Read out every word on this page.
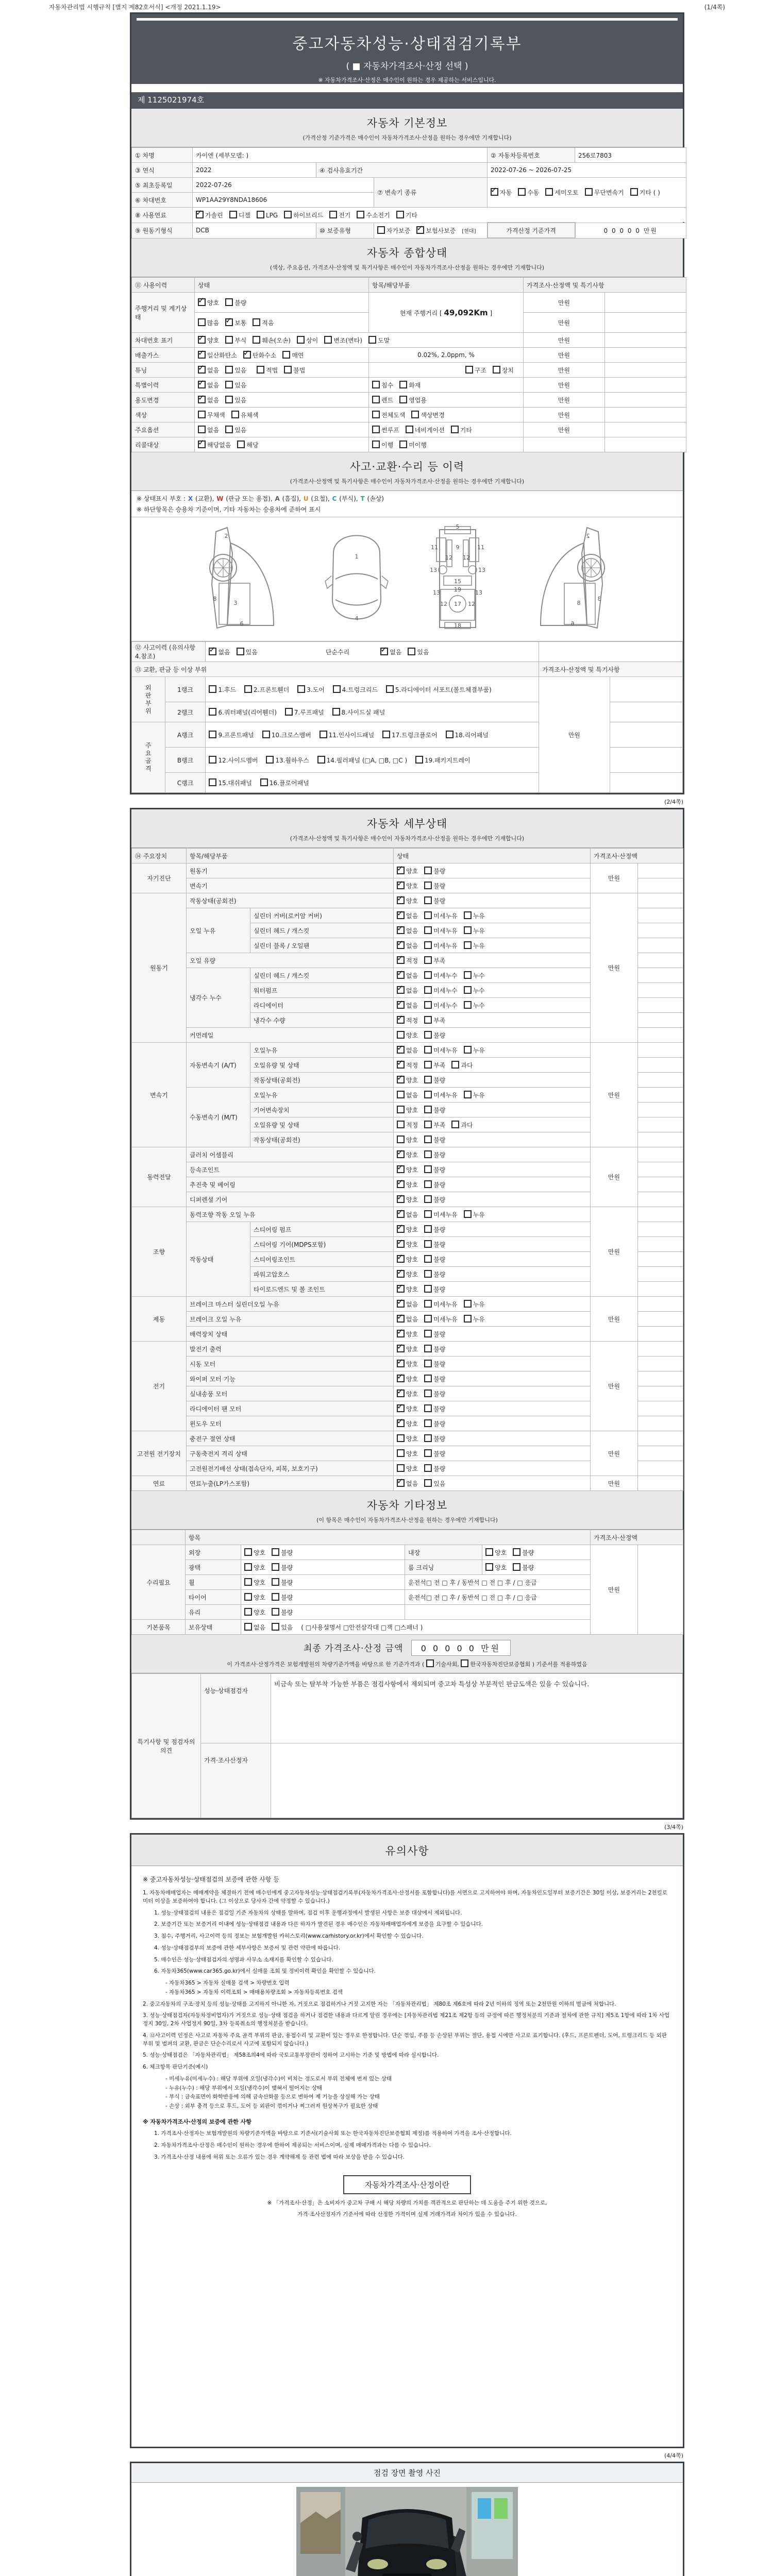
자동차관리법 시행규칙 [별지 제82호서식] <개정 2021.1.19>	(1/4쪽)
중고자동차성능·상태점검기록부
( ■ 자동차가격조사·산정 선택 )
※ 자동차가격조사·산정은 매수인이 원하는 경우 제공하는 서비스입니다.
제 1125021974호
자동차 기본정보
(가격산정 기준가격은 매수인이 자동차가격조사·산정을 원하는 경우에만 기재합니다)
① 차명	카이엔 (세부모델: )			② 자동차등록번호	256로7803
③ 연식	2022	④ 검사유효기간		2022-07-26 ~ 2026-07-25	
⑤ 최초등록일	2022-07-26		⑦ 변속기 종류	✓자동 수동 세미오토 무단변속기 기타 ( )
⑥ 차대번호	WP1AA29Y8NDA18606				
⑧ 사용연료	✓가솔린 디젤 LPG 하이브리드 전기 수소전기 기타
⑨ 원동기형식	DCB	⑩ 보증유형	자가보증 ✓ 보험사보증 [현대]	가격산정 기준가격	0 0 0 0 0 만원
자동차 종합상태
(색상, 주요옵션, 가격조사·산정액 및 특기사항은 매수인이 자동차가격조사·산정을 원하는 경우에만 기재합니다)
⑪ 사용이력	상태	항목/해당부품	가격조사·산정액 및 특기사항	
주행거리 및 계기상태	✓양호 불량	현재 주행거리 [ 49,092Km ]	만원	
	많음 ✓ 보통 적음		만원	
차대번호 표기	✓양호 부식 훼손(오손) 상이 변조(변타) 도말		만원	
배출가스	✓일산화탄소 ✓ 탄화수소 매연	0.02%, 2.0ppm, %	만원	
튜닝	✓없음 있음 적법 불법	구조 장치	만원	
특별이력	✓없음 있음	침수 화재	만원	
용도변경	✓없음 있음	렌트 영업용	만원	
색상	무채색 유채색	전체도색 색상변경	만원	
주요옵션	없음 있음	썬루프 네비게이션 기타	만원	
리콜대상	✓해당없음 해당	이행 미이행		
사고·교환·수리 등 이력
(가격조사·산정액 및 특기사항은 매수인이 자동차가격조사·산정을 원하는 경우에만 기재합니다)
※ 상태표시 부호 : X (교환), W (판금 또는 용접), A (흠집), U (요철), C (부식), T (손상)
※ 하단항목은 승용차 기준이며, 기타 자동차는 승용차에 준하여 표시
2
8
3
6
1
4
5
11	9	11
13	13
12 12
15
19
13	13
12 17 12
18
2
3
8
6
⑫ 사고이력 (유의사항 4.참조)	✓없음 있음 단순수리 ✓ 없음 있음	
⑬ 교환, 판금 등 이상 부위			가격조사·산정액 및 특기사항	
외
판
부
위	1랭크	1.후드 2.프론트휀더 3.도어 4.트렁크리드 5.라디에이터 서포트(볼트체결부품)	만원	
	2랭크	6.쿼터패널(리어휀더) 7.루프패널 8.사이드실 패널		
주
요
골
격	A랭크	9.프론트패널 10.크로스멤버 11.인사이드패널 17.트렁크플로어 18.리어패널		
	B랭크	12.사이드멤버 13.휠하우스 14.필러패널 (□A, □B, □C ) 19.패키지트레이		
	C랭크	15.대쉬패널 16.플로어패널		
(2/4쪽)
자동차 세부상태
(가격조사·산정액 및 특기사항은 매수인이 자동차가격조사·산정을 원하는 경우에만 기재합니다)
⑭ 주요장치	항목/해당부품		상태	가격조사·산정액	
자기진단	원동기	✓양호 불량	만원	
	변속기	✓양호 불량	
원동기	작동상태(공회전)	✓양호 불량	만원	
	오일 누유	실린더 커버(로커암 커버)	✓없음 미세누유 누유	
		실린더 헤드 / 개스킷	✓없음 미세누유 누유	
		실린더 블록 / 오일팬	✓없음 미세누유 누유	
	오일 유량	✓적정 부족	
	냉각수 누수	실린더 헤드 / 개스킷	✓없음 미세누수 누수	
		워터펌프	✓없음 미세누수 누수	
		라디에이터	✓없음 미세누수 누수	
		냉각수 수량	✓적정 부족	
	커먼레일		양호 불량		
변속기	자동변속기 (A/T)	오일누유	✓없음 미세누유 누유	만원	
		오일유량 및 상태	✓적정 부족 과다	
		작동상태(공회전)	✓양호 불량	
	수동변속기 (M/T)	오일누유	없음 미세누유 누유		
		기어변속장치	양호 불량		
		오일유량 및 상태	적정 부족 과다		
		작동상태(공회전)	양호 불량		
동력전달	클러치 어셈블리	✓양호 불량	만원	
	등속조인트	✓양호 불량	
	추진축 및 베어링	✓양호 불량	
	디퍼렌셜 기어	✓양호 불량	
조향	동력조향 작동 오일 누유	✓없음 미세누유 누유	만원	
	작동상태	스티어링 펌프	✓양호 불량	
		스티어링 기어(MDPS포함)	✓양호 불량	
		스티어링조인트	✓양호 불량	
		파워고압호스	✓양호 불량	
		타이로드엔드 및 볼 조인트	✓양호 불량	
제동	브레이크 마스터 실린더오일 누유	✓없음 미세누유 누유	만원	
	브레이크 오일 누유	✓없음 미세누유 누유	
	배력장치 상태	✓양호 불량	
전기	발전기 출력	✓양호 불량	만원	
	시동 모터	✓양호 불량	
	와이퍼 모터 기능	✓양호 불량	
	실내송풍 모터	✓양호 불량	
	라디에이터 팬 모터	✓양호 불량	
	윈도우 모터	✓양호 불량	
고전원 전기장치	충전구 절연 상태		양호 불량	만원	
	구동축전지 격리 상태		양호 불량		
	고전원전기배선 상태(접속단자, 피복, 보호기구)		양호 불량		
연료	연료누출(LP가스포함)	✓없음 있음	만원	
자동차 기타정보
(이 항목은 매수인이 자동차가격조사·산정을 원하는 경우에만 기재합니다)
	항목				가격조사·산정액	
수리필요	외장	양호 불량	내장	양호 불량	만원	
	광택	양호 불량	룸 크리닝	양호 불량		
	휠	양호 불량	운전석□ 전 □ 후 / 동반석 □ 전 □ 후 / □ 응급			
	타이어	양호 불량	운전석□ 전 □ 후 / 동반석 □ 전 □ 후 / □ 응급			
	유리	양호 불량				
기본품목	보유상태	없음 있음 ( □사용설명서 □안전삼각대 □잭 □스패너 )				
최종 가격조사·산정 금액 0 0 0 0 0 만원
이 가격조사·산정가격은 보험개발원의 차량기준가액을 바탕으로 한 기준가격과 ( 기술사회, 한국자동차진단보증협회 ) 기준서를 적용하였음
특기사항 및 점검자의 의견	성능·상태점검자	비금속 또는 탈부착 가능한 부품은 점검사항에서 제외되며 중고차 특성상 부분적인 판금도색은 있을 수 있습니다.
	가격·조사산정자	
(3/4쪽)
유의사항
※ 중고자동차성능·상태점검의 보증에 관한 사항 등
1. 자동차매매업자는 매매계약을 체결하기 전에 매수인에게 중고자동차성능·상태점검기록부(자동차가격조사·산정서를 포함합니다)를 서면으로 고지하여야 하며, 자동차인도일부터 보증기간은 30일 이상, 보증거리는 2천킬로미터 이상을 보증하여야 합니다. (그 이상으로 당사자 간에 약정할 수 있습니다.)
1. 성능·상태점검의 내용은 점검일 기준 자동차의 상태를 말하며, 점검 이후 운행과정에서 발생된 사항은 보증 대상에서 제외됩니다.
2. 보증기간 또는 보증거리 이내에 성능·상태점검 내용과 다른 하자가 발견된 경우 매수인은 자동차매매업자에게 보증을 요구할 수 있습니다.
3. 침수, 주행거리, 사고이력 등의 정보는 보험개발원 카히스토리(www.carhistory.or.kr)에서 확인할 수 있습니다.
4. 성능·상태점검부의 보증에 관한 세부사항은 보증서 및 관련 약관에 따릅니다.
5. 매수인은 성능·상태점검자의 성명과 사무소 소재지를 확인할 수 있습니다.
6. 자동차365(www.car365.go.kr)에서 실매물 조회 및 정비이력 확인을 확인할 수 있습니다.
- 자동차365 > 자동차 실매물 검색 > 차량번호 입력
- 자동차365 > 자동차 이력조회 > 매매용차량조회 > 자동차등록번호 검색
2. 중고자동차의 구조·장치 등의 성능·상태를 고지하지 아니한 자, 거짓으로 점검하거나 거짓 고지한 자는 「자동차관리법」 제80조 제6호에 따라 2년 이하의 징역 또는 2천만원 이하의 벌금에 처합니다.
3. 성능·상태점검자(자동차정비업자)가 거짓으로 성능·상태 점검을 하거나 점검한 내용과 다르게 알린 경우에는 [자동차관리법 제21조 제2항 등의 규정에 따른 행정처분의 기준과 절차에 관한 규칙] 제5조 1항에 따라 1차 사업정지 30일, 2차 사업정지 90일, 3차 등록취소의 행정처분을 받습니다.
4. ⑫사고이력 인정은 사고로 자동차 주요 골격 부위의 판금, 용접수리 및 교환이 있는 경우로 한정합니다. 단순 꺾임, 주름 등 손상된 부위는 절단, 용접 시에만 사고로 표기합니다. (후드, 프론트펜더, 도어, 트렁크리드 등 외판 부위 및 범퍼의 교환, 판금은 단순수리로서 사고에 포함되지 않습니다.)
5. 성능·상태점검은 「자동차관리법」 제58조의4에 따라 국토교통부장관이 정하여 고시하는 기준 및 방법에 따라 실시합니다.
6. 체크항목 판단기준(예시)
- 미세누유(미세누수) : 해당 부위에 오일(냉각수)이 비치는 정도로서 부위 전체에 번져 있는 상태
- 누유(누수) : 해당 부위에서 오일(냉각수)이 맺혀서 떨어지는 상태
- 부식 : 금속표면이 화학반응에 의해 금속산화물 등으로 변하여 제 기능을 상실해 가는 상태
- 손상 : 외부 충격 등으로 후드, 도어 등 외판이 꺾이거나 찌그러져 원상복구가 필요한 상태
※ 자동차가격조사·산정의 보증에 관한 사항
1. 가격조사·산정자는 보험개발원의 차량기준가액을 바탕으로 기준서(기술사회 또는 한국자동차진단보증협회 제정)를 적용하여 가격을 조사·산정합니다.
2. 자동차가격조사·산정은 매수인이 원하는 경우에 한하여 제공되는 서비스이며, 실제 매매가격과는 다를 수 있습니다.
3. 가격조사·산정 내용에 허위 또는 오류가 있는 경우 계약해제 등 관련 법에 따라 보상을 받을 수 있습니다.
자동차가격조사·산정이란
※ 「가격조사·산정」은 소비자가 중고차 구매 시 해당 차량의 가치를 객관적으로 판단하는 데 도움을 주기 위한 것으로,
가격·조사산정자가 기준서에 따라 산정한 가격이며 실제 거래가격과 차이가 있을 수 있습니다.
(4/4쪽)
점검 장면 촬영 사진
